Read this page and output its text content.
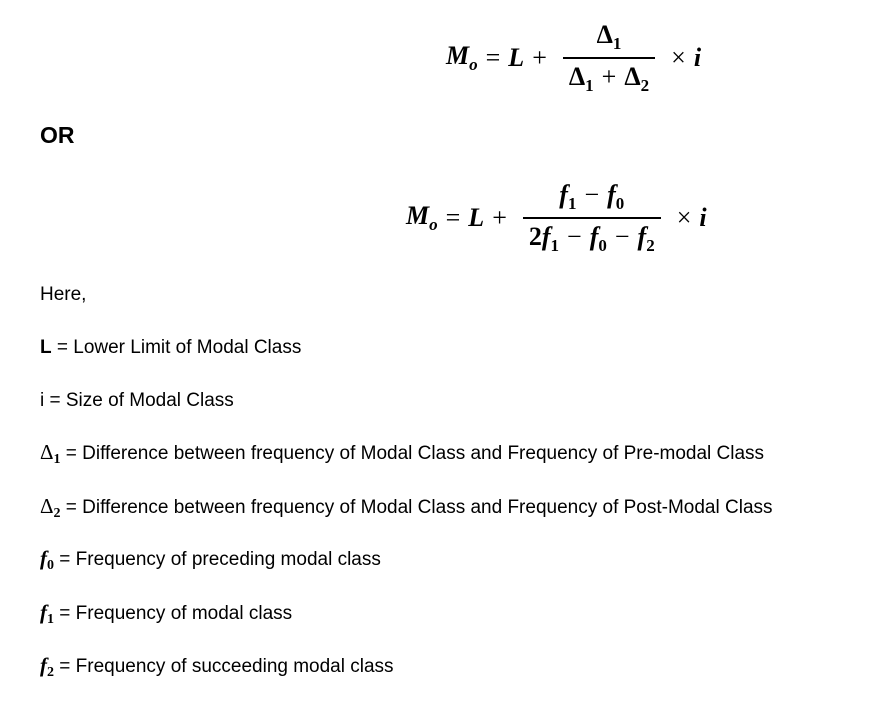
$M_o = L + \frac{\Delta_1}{\Delta_1 + \Delta_2} \times i$
OR
$M_o = L + \frac{f_1 - f_0}{2f_1 - f_0 - f_2} \times i$
Here,
L = Lower Limit of Modal Class
i = Size of Modal Class
$\Delta_1$ = Difference between frequency of Modal Class and Frequency of Pre-modal Class
$\Delta_2$ = Difference between frequency of Modal Class and Frequency of Post-Modal Class
$f_0$ = Frequency of preceding modal class
$f_1$ = Frequency of modal class
$f_2$ = Frequency of succeeding modal class
